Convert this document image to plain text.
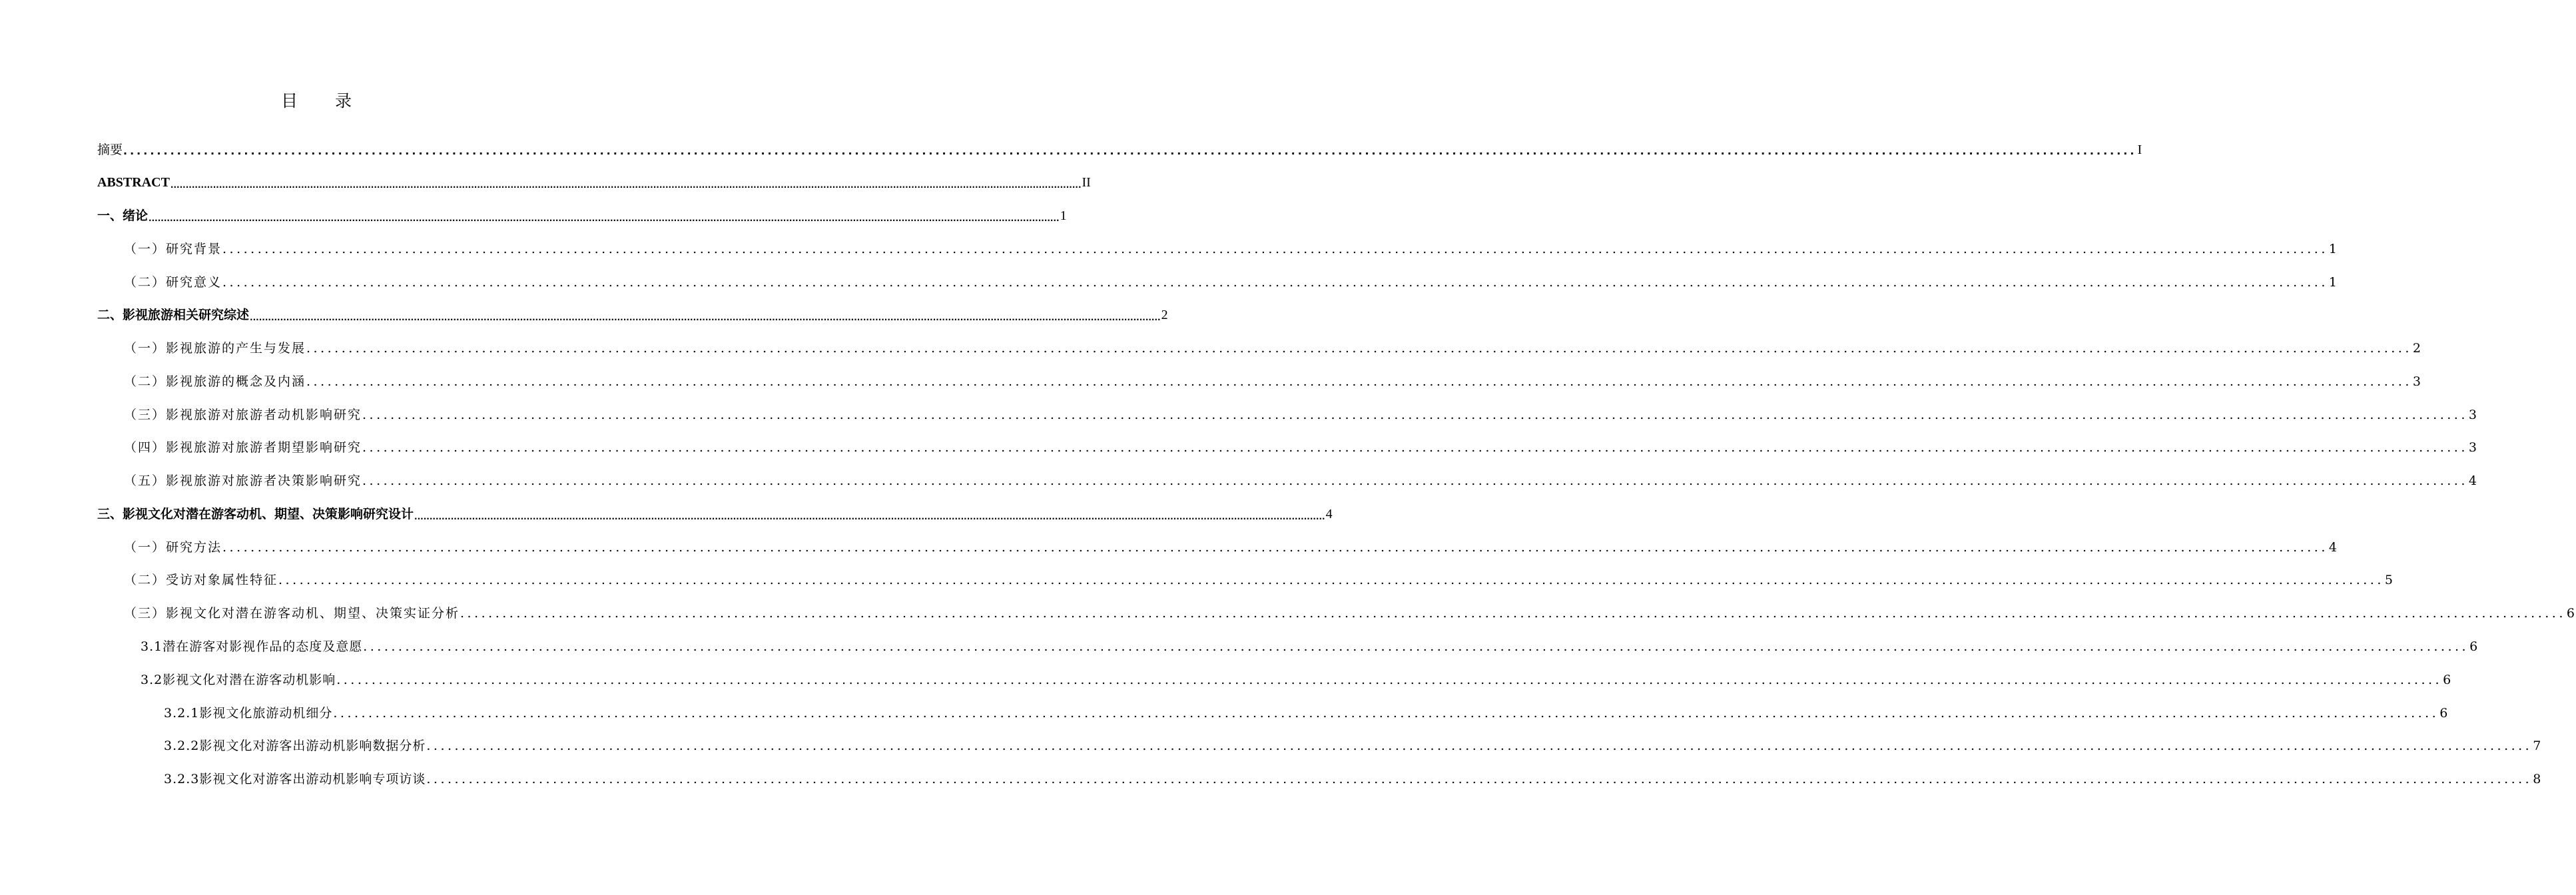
目 录
摘要 ............................................................................................................................................................................................................................................................................................................ I
ABSTRACT ............................................................................................................................................................................................................................................................................................................ II
一、 绪论 ............................................................................................................................................................................................................................................................................................................ 1
（一）研究背景 ............................................................................................................................................................................................................................................................................................................ 1
（二）研究意义 ............................................................................................................................................................................................................................................................................................................ 1
二、 影视旅游相关研究综述 ............................................................................................................................................................................................................................................................................................................ 2
（一）影视旅游的产生与发展 ............................................................................................................................................................................................................................................................................................................ 2
（二）影视旅游的概念及内涵 ............................................................................................................................................................................................................................................................................................................ 3
（三）影视旅游对旅游者动机影响研究 ............................................................................................................................................................................................................................................................................................................ 3
（四）影视旅游对旅游者期望影响研究 ............................................................................................................................................................................................................................................................................................................ 3
（五）影视旅游对旅游者决策影响研究 ............................................................................................................................................................................................................................................................................................................ 4
三、 影视文化对潜在游客动机、期望、决策影响研究设计 ............................................................................................................................................................................................................................................................................................................ 4
（一）研究方法 ............................................................................................................................................................................................................................................................................................................ 4
（二）受访对象属性特征 ............................................................................................................................................................................................................................................................................................................ 5
（三）影视文化对潜在游客动机、期望、决策实证分析 ............................................................................................................................................................................................................................................................................................................ 6
3.1潜在游客对影视作品的态度及意愿 ............................................................................................................................................................................................................................................................................................................ 6
3.2影视文化对潜在游客动机影响 ............................................................................................................................................................................................................................................................................................................ 6
3.2.1影视文化旅游动机细分 ............................................................................................................................................................................................................................................................................................................ 6
3.2.2影视文化对游客出游动机影响数据分析 ............................................................................................................................................................................................................................................................................................................ 7
3.2.3影视文化对游客出游动机影响专项访谈 ............................................................................................................................................................................................................................................................................................................ 8
